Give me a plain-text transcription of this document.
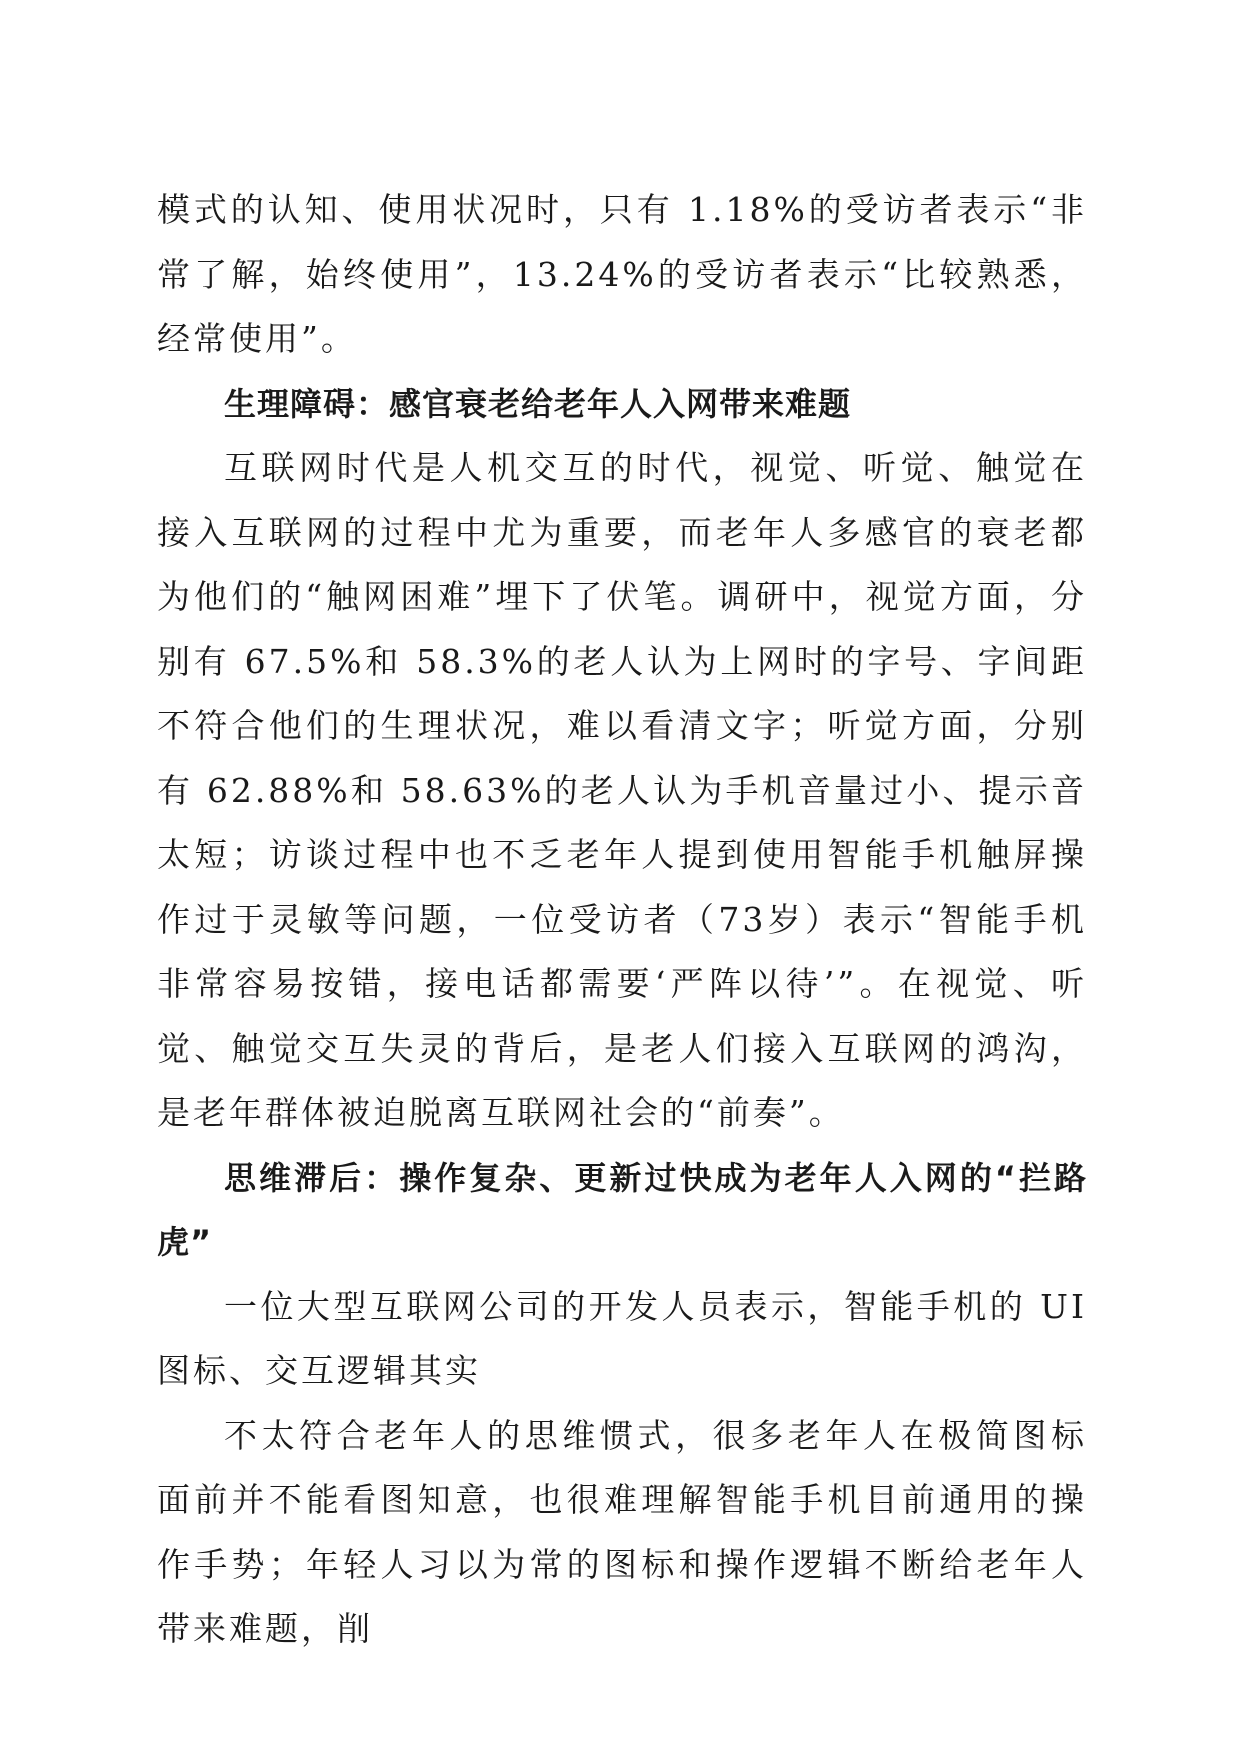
模式的认知、使用状况时，只有 1.18%的受访者表示“非常了解，始终使用”，13.24%的受访者表示“比较熟悉，经常使用”。

生理障碍：感官衰老给老年人入网带来难题

互联网时代是人机交互的时代，视觉、听觉、触觉在接入互联网的过程中尤为重要，而老年人多感官的衰老都为他们的“触网困难”埋下了伏笔。调研中，视觉方面，分别有 67.5%和 58.3%的老人认为上网时的字号、字间距不符合他们的生理状况，难以看清文字；听觉方面，分别有 62.88%和 58.63%的老人认为手机音量过小、提示音太短；访谈过程中也不乏老年人提到使用智能手机触屏操作过于灵敏等问题，一位受访者（73岁）表示“智能手机非常容易按错，接电话都需要‘严阵以待’”。在视觉、听觉、触觉交互失灵的背后，是老人们接入互联网的鸿沟，是老年群体被迫脱离互联网社会的“前奏”。

思维滞后：操作复杂、更新过快成为老年人入网的“拦路虎”

一位大型互联网公司的开发人员表示，智能手机的 UI 图标、交互逻辑其实

不太符合老年人的思维惯式，很多老年人在极简图标面前并不能看图知意，也很难理解智能手机目前通用的操作手势；年轻人习以为常的图标和操作逻辑不断给老年人带来难题，削
